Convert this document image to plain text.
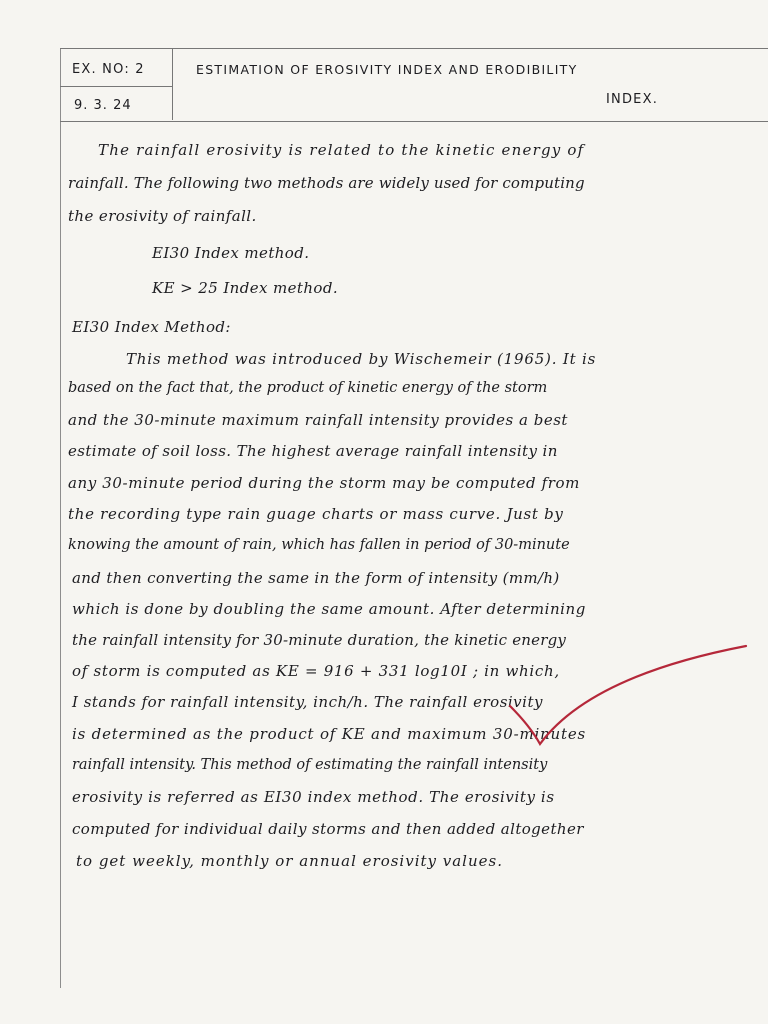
EX. NO: 2
9. 3. 24
ESTIMATION OF EROSIVITY INDEX AND ERODIBILITY
INDEX.
The rainfall erosivity is related to the kinetic energy of
rainfall. The following two methods are widely used for computing
the erosivity of rainfall.
EI30 Index method.
KE > 25 Index method.
EI30 Index Method:
This method was introduced by Wischemeir (1965). It is
based on the fact that, the product of kinetic energy of the storm
and the 30-minute maximum rainfall intensity provides a best
estimate of soil loss. The highest average rainfall intensity in
any 30-minute period during the storm may be computed from
the recording type rain guage charts or mass curve. Just by
knowing the amount of rain, which has fallen in period of 30-minute
and then converting the same in the form of intensity (mm/h)
which is done by doubling the same amount. After determining
the rainfall intensity for 30-minute duration, the kinetic energy
of storm is computed as KE = 916 + 331 log10I ; in which,
I stands for rainfall intensity, inch/h. The rainfall erosivity
is determined as the product of KE and maximum 30-minutes
rainfall intensity. This method of estimating the rainfall intensity
erosivity is referred as EI30 index method. The erosivity is
computed for individual daily storms and then added altogether
to get weekly, monthly or annual erosivity values.
